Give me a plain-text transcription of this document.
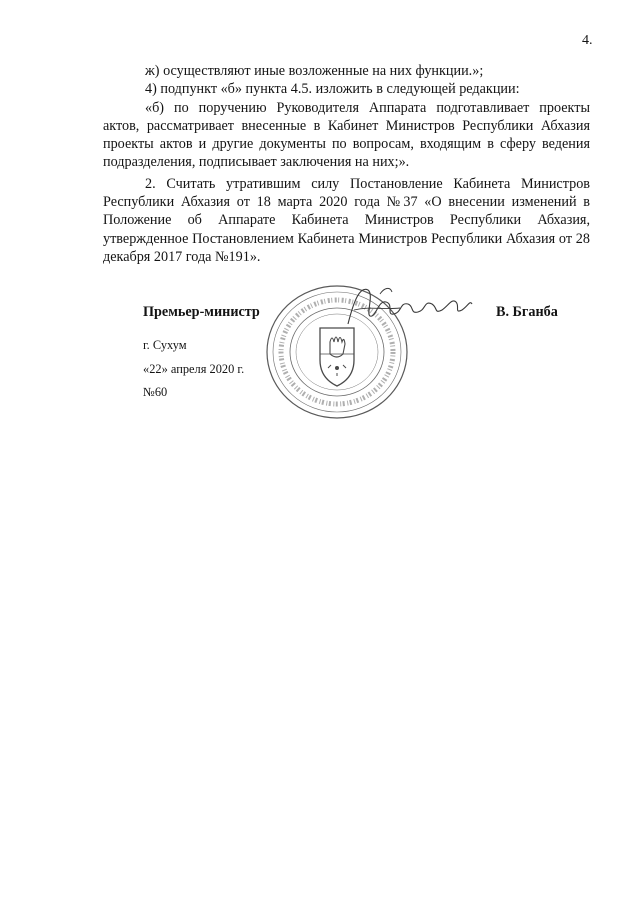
4.

ж) осуществляют иные возложенные на них функции.»;

4) подпункт «б» пункта 4.5. изложить в следующей редакции:

«б) по поручению Руководителя Аппарата подготавливает проекты актов, рассматривает внесенные в Кабинет Министров Республики Абхазия проекты актов и другие документы по вопросам, входящим в сферу ведения подразделения, подписывает заключения на них;».

2. Считать утратившим силу Постановление Кабинета Министров Республики Абхазия от 18 марта 2020 года №37 «О внесении изменений в Положение об Аппарате Кабинета Министров Республики Абхазия, утвержденное Постановлением Кабинета Министров Республики Абхазия от 28 декабря 2017 года №191».

Премьер-министр	В. Бганба
г. Сухум
«22» апреля 2020 г.
№60
